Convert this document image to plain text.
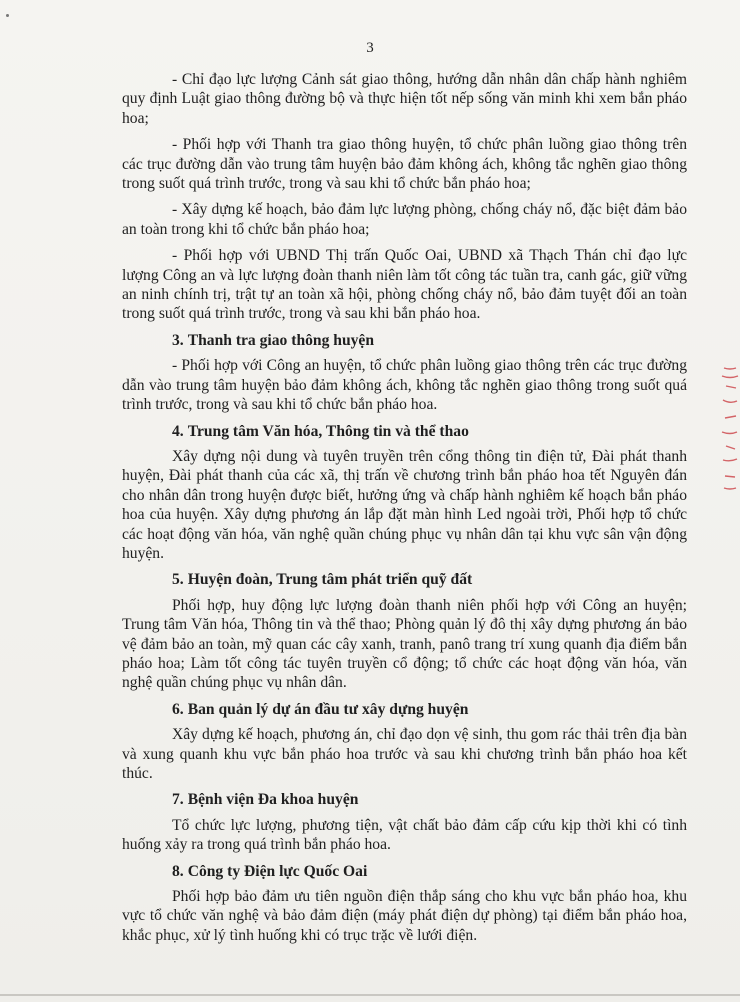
3

- Chỉ đạo lực lượng Cảnh sát giao thông, hướng dẫn nhân dân chấp hành nghiêm quy định Luật giao thông đường bộ và thực hiện tốt nếp sống văn minh khi xem bắn pháo hoa;

- Phối hợp với Thanh tra giao thông huyện, tổ chức phân luồng giao thông trên các trục đường dẫn vào trung tâm huyện bảo đảm không ách, không tắc nghẽn giao thông trong suốt quá trình trước, trong và sau khi tổ chức bắn pháo hoa;

- Xây dựng kế hoạch, bảo đảm lực lượng phòng, chống cháy nổ, đặc biệt đảm bảo an toàn trong khi tổ chức bắn pháo hoa;

- Phối hợp với UBND Thị trấn Quốc Oai, UBND xã Thạch Thán chỉ đạo lực lượng Công an và lực lượng đoàn thanh niên làm tốt công tác tuần tra, canh gác, giữ vững an ninh chính trị, trật tự an toàn xã hội, phòng chống cháy nổ, bảo đảm tuyệt đối an toàn trong suốt quá trình trước, trong và sau khi bắn pháo hoa.

3. Thanh tra giao thông huyện

- Phối hợp với Công an huyện, tổ chức phân luồng giao thông trên các trục đường dẫn vào trung tâm huyện bảo đảm không ách, không tắc nghẽn giao thông trong suốt quá trình trước, trong và sau khi tổ chức bắn pháo hoa.

4. Trung tâm Văn hóa, Thông tin và thể thao

Xây dựng nội dung và tuyên truyền trên cổng thông tin điện tử, Đài phát thanh huyện, Đài phát thanh của các xã, thị trấn về chương trình bắn pháo hoa tết Nguyên đán cho nhân dân trong huyện được biết, hưởng ứng và chấp hành nghiêm kế hoạch bắn pháo hoa của huyện. Xây dựng phương án lắp đặt màn hình Led ngoài trời, Phối hợp tổ chức các hoạt động văn hóa, văn nghệ quần chúng phục vụ nhân dân tại khu vực sân vận động huyện.

5. Huyện đoàn, Trung tâm phát triển quỹ đất

Phối hợp, huy động lực lượng đoàn thanh niên phối hợp với Công an huyện; Trung tâm Văn hóa, Thông tin và thể thao; Phòng quản lý đô thị xây dựng phương án bảo vệ đảm bảo an toàn, mỹ quan các cây xanh, tranh, panô trang trí xung quanh địa điểm bắn pháo hoa; Làm tốt công tác tuyên truyền cổ động; tổ chức các hoạt động văn hóa, văn nghệ quần chúng phục vụ nhân dân.

6. Ban quản lý dự án đầu tư xây dựng huyện

Xây dựng kế hoạch, phương án, chỉ đạo dọn vệ sinh, thu gom rác thải trên địa bàn và xung quanh khu vực bắn pháo hoa trước và sau khi chương trình bắn pháo hoa kết thúc.

7. Bệnh viện Đa khoa huyện

Tổ chức lực lượng, phương tiện, vật chất bảo đảm cấp cứu kịp thời khi có tình huống xảy ra trong quá trình bắn pháo hoa.

8. Công ty Điện lực Quốc Oai

Phối hợp bảo đảm ưu tiên nguồn điện thắp sáng cho khu vực bắn pháo hoa, khu vực tổ chức văn nghệ và bảo đảm điện (máy phát điện dự phòng) tại điểm bắn pháo hoa, khắc phục, xử lý tình huống khi có trục trặc về lưới điện.
